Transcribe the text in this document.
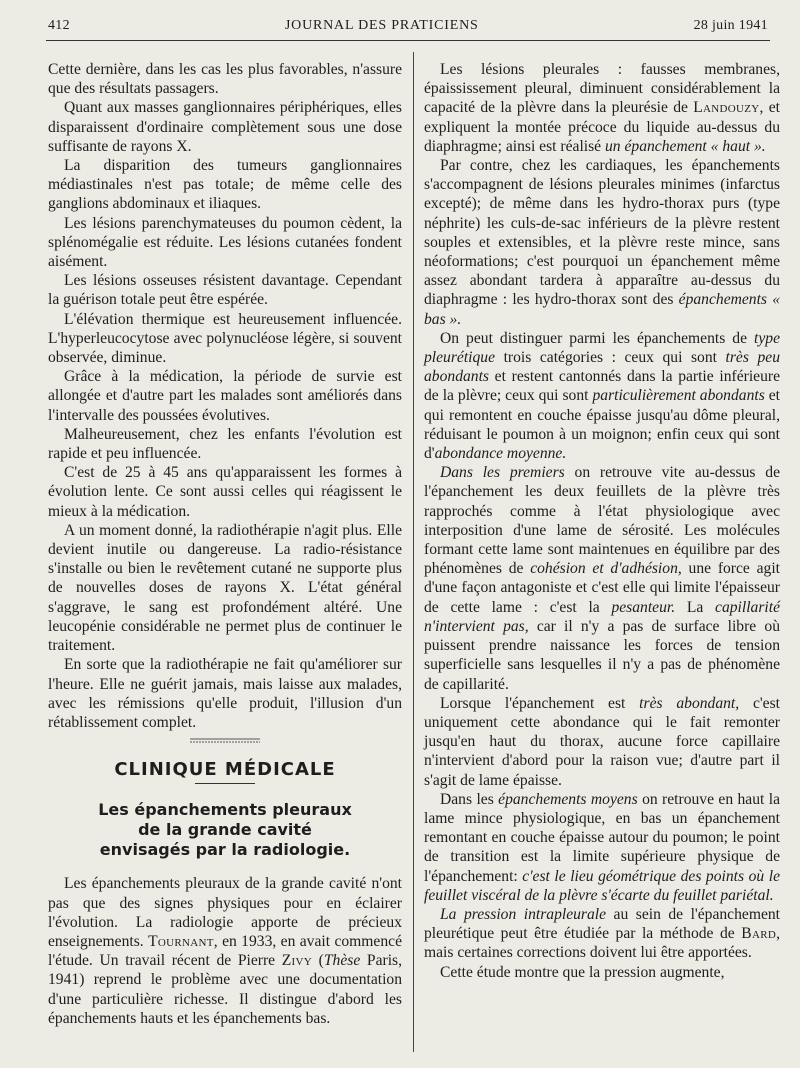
412	JOURNAL DES PRATICIENS	28 juin 1941

Cette dernière, dans les cas les plus favorables, n'assure que des résultats passagers.

Quant aux masses ganglionnaires périphériques, elles disparaissent d'ordinaire complètement sous une dose suffisante de rayons X.

La disparition des tumeurs ganglionnaires médiastinales n'est pas totale; de même celle des ganglions abdominaux et iliaques.

Les lésions parenchymateuses du poumon cèdent, la splénomégalie est réduite. Les lésions cutanées fondent aisément.

Les lésions osseuses résistent davantage. Cependant la guérison totale peut être espérée.

L'élévation thermique est heureusement influencée. L'hyperleucocytose avec polynucléose légère, si souvent observée, diminue.

Grâce à la médication, la période de survie est allongée et d'autre part les malades sont améliorés dans l'intervalle des poussées évolutives.

Malheureusement, chez les enfants l'évolution est rapide et peu influencée.

C'est de 25 à 45 ans qu'apparaissent les formes à évolution lente. Ce sont aussi celles qui réagissent le mieux à la médication.

A un moment donné, la radiothérapie n'agit plus. Elle devient inutile ou dangereuse. La radio-résistance s'installe ou bien le revêtement cutané ne supporte plus de nouvelles doses de rayons X. L'état général s'aggrave, le sang est profondément altéré. Une leucopénie considérable ne permet plus de continuer le traitement.

En sorte que la radiothérapie ne fait qu'améliorer sur l'heure. Elle ne guérit jamais, mais laisse aux malades, avec les rémissions qu'elle produit, l'illusion d'un rétablissement complet.

CLINIQUE MÉDICALE
Les épanchements pleuraux
de la grande cavité
envisagés par la radiologie.

Les épanchements pleuraux de la grande cavité n'ont pas que des signes physiques pour en éclairer l'évolution. La radiologie apporte de précieux enseignements. Tournant, en 1933, en avait commencé l'étude. Un travail récent de Pierre Zivy (Thèse Paris, 1941) reprend le problème avec une documentation d'une particulière richesse. Il distingue d'abord les épanchements hauts et les épanchements bas.

Les lésions pleurales : fausses membranes, épaississement pleural, diminuent considérablement la capacité de la plèvre dans la pleurésie de Landouzy, et expliquent la montée précoce du liquide au-dessus du diaphragme; ainsi est réalisé un épanchement « haut ».

Par contre, chez les cardiaques, les épanchements s'accompagnent de lésions pleurales minimes (infarctus excepté); de même dans les hydro-thorax purs (type néphrite) les culs-de-sac inférieurs de la plèvre restent souples et extensibles, et la plèvre reste mince, sans néoformations; c'est pourquoi un épanchement même assez abondant tardera à apparaître au-dessus du diaphragme : les hydro-thorax sont des épanchements « bas ».

On peut distinguer parmi les épanchements de type pleurétique trois catégories : ceux qui sont très peu abondants et restent cantonnés dans la partie inférieure de la plèvre; ceux qui sont particulièrement abondants et qui remontent en couche épaisse jusqu'au dôme pleural, réduisant le poumon à un moignon; enfin ceux qui sont d'abondance moyenne.

Dans les premiers on retrouve vite au-dessus de l'épanchement les deux feuillets de la plèvre très rapprochés comme à l'état physiologique avec interposition d'une lame de sérosité. Les molécules formant cette lame sont maintenues en équilibre par des phénomènes de cohésion et d'adhésion, une force agit d'une façon antagoniste et c'est elle qui limite l'épaisseur de cette lame : c'est la pesanteur. La capillarité n'intervient pas, car il n'y a pas de surface libre où puissent prendre naissance les forces de tension superficielle sans lesquelles il n'y a pas de phénomène de capillarité.

Lorsque l'épanchement est très abondant, c'est uniquement cette abondance qui le fait remonter jusqu'en haut du thorax, aucune force capillaire n'intervient d'abord pour la raison vue; d'autre part il s'agit de lame épaisse.

Dans les épanchements moyens on retrouve en haut la lame mince physiologique, en bas un épanchement remontant en couche épaisse autour du poumon; le point de transition est la limite supérieure physique de l'épanchement: c'est le lieu géométrique des points où le feuillet viscéral de la plèvre s'écarte du feuillet pariétal.

La pression intrapleurale au sein de l'épanchement pleurétique peut être étudiée par la méthode de Bard, mais certaines corrections doivent lui être apportées.

Cette étude montre que la pression augmente,
